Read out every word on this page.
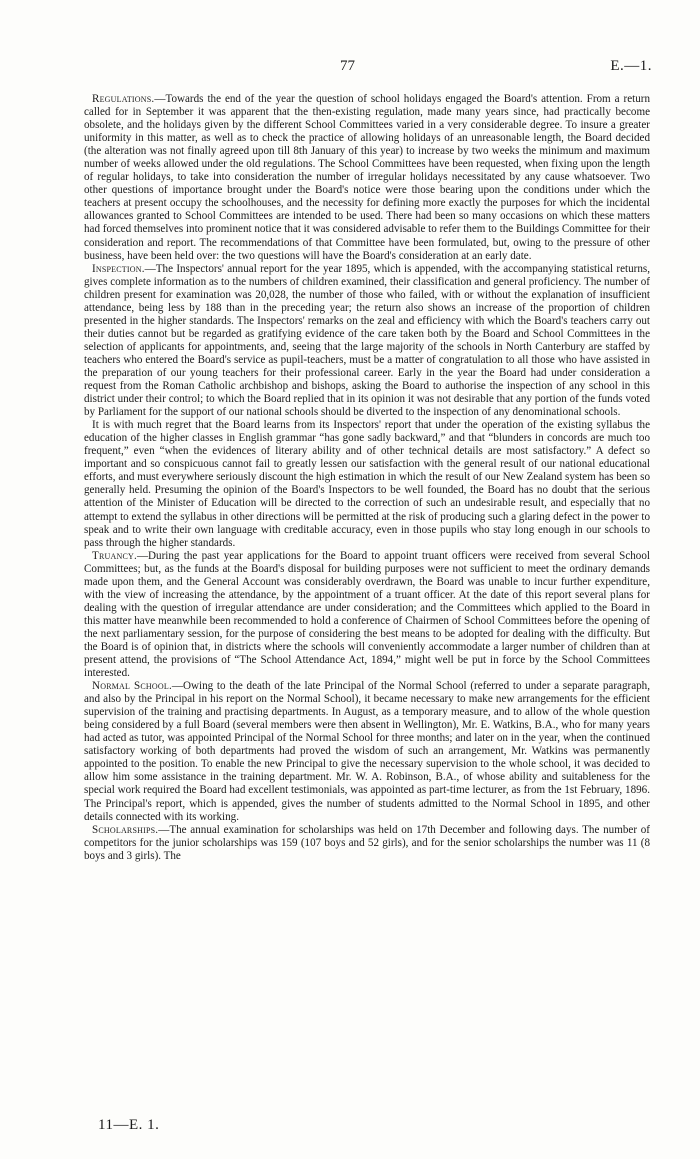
77	E.—1.

Regulations.—Towards the end of the year the question of school holidays engaged the Board's attention. From a return called for in September it was apparent that the then-existing regulation, made many years since, had practically become obsolete, and the holidays given by the different School Committees varied in a very considerable degree. To insure a greater uniformity in this matter, as well as to check the practice of allowing holidays of an unreasonable length, the Board decided (the alteration was not finally agreed upon till 8th January of this year) to increase by two weeks the minimum and maximum number of weeks allowed under the old regulations. The School Committees have been requested, when fixing upon the length of regular holidays, to take into consideration the number of irregular holidays necessitated by any cause whatsoever. Two other questions of importance brought under the Board's notice were those bearing upon the conditions under which the teachers at present occupy the schoolhouses, and the necessity for defining more exactly the purposes for which the incidental allowances granted to School Committees are intended to be used. There had been so many occasions on which these matters had forced themselves into prominent notice that it was considered advisable to refer them to the Buildings Committee for their consideration and report. The recommendations of that Committee have been formulated, but, owing to the pressure of other business, have been held over: the two questions will have the Board's consideration at an early date.

Inspection.—The Inspectors' annual report for the year 1895, which is appended, with the accompanying statistical returns, gives complete information as to the numbers of children examined, their classification and general proficiency. The number of children present for examination was 20,028, the number of those who failed, with or without the explanation of insufficient attendance, being less by 188 than in the preceding year; the return also shows an increase of the proportion of children presented in the higher standards. The Inspectors' remarks on the zeal and efficiency with which the Board's teachers carry out their duties cannot but be regarded as gratifying evidence of the care taken both by the Board and School Committees in the selection of applicants for appointments, and, seeing that the large majority of the schools in North Canterbury are staffed by teachers who entered the Board's service as pupil-teachers, must be a matter of congratulation to all those who have assisted in the preparation of our young teachers for their professional career. Early in the year the Board had under consideration a request from the Roman Catholic archbishop and bishops, asking the Board to authorise the inspection of any school in this district under their control; to which the Board replied that in its opinion it was not desirable that any portion of the funds voted by Parliament for the support of our national schools should be diverted to the inspection of any denominational schools.

It is with much regret that the Board learns from its Inspectors' report that under the operation of the existing syllabus the education of the higher classes in English grammar “has gone sadly backward,” and that “blunders in concords are much too frequent,” even “when the evidences of literary ability and of other technical details are most satisfactory.” A defect so important and so conspicuous cannot fail to greatly lessen our satisfaction with the general result of our national educational efforts, and must everywhere seriously discount the high estimation in which the result of our New Zealand system has been so generally held. Presuming the opinion of the Board's Inspectors to be well founded, the Board has no doubt that the serious attention of the Minister of Education will be directed to the correction of such an undesirable result, and especially that no attempt to extend the syllabus in other directions will be permitted at the risk of producing such a glaring defect in the power to speak and to write their own language with creditable accuracy, even in those pupils who stay long enough in our schools to pass through the higher standards.

Truancy.—During the past year applications for the Board to appoint truant officers were received from several School Committees; but, as the funds at the Board's disposal for building purposes were not sufficient to meet the ordinary demands made upon them, and the General Account was considerably overdrawn, the Board was unable to incur further expenditure, with the view of increasing the attendance, by the appointment of a truant officer. At the date of this report several plans for dealing with the question of irregular attendance are under consideration; and the Committees which applied to the Board in this matter have meanwhile been recommended to hold a conference of Chairmen of School Committees before the opening of the next parliamentary session, for the purpose of considering the best means to be adopted for dealing with the difficulty. But the Board is of opinion that, in districts where the schools will conveniently accommodate a larger number of children than at present attend, the provisions of “The School Attendance Act, 1894,” might well be put in force by the School Committees interested.

Normal School.—Owing to the death of the late Principal of the Normal School (referred to under a separate paragraph, and also by the Principal in his report on the Normal School), it became necessary to make new arrangements for the efficient supervision of the training and practising departments. In August, as a temporary measure, and to allow of the whole question being considered by a full Board (several members were then absent in Wellington), Mr. E. Watkins, B.A., who for many years had acted as tutor, was appointed Principal of the Normal School for three months; and later on in the year, when the continued satisfactory working of both departments had proved the wisdom of such an arrangement, Mr. Watkins was permanently appointed to the position. To enable the new Principal to give the necessary supervision to the whole school, it was decided to allow him some assistance in the training department. Mr. W. A. Robinson, B.A., of whose ability and suitableness for the special work required the Board had excellent testimonials, was appointed as part-time lecturer, as from the 1st February, 1896. The Principal's report, which is appended, gives the number of students admitted to the Normal School in 1895, and other details connected with its working.

Scholarships.—The annual examination for scholarships was held on 17th December and following days. The number of competitors for the junior scholarships was 159 (107 boys and 52 girls), and for the senior scholarships the number was 11 (8 boys and 3 girls). The

11—E. 1.
